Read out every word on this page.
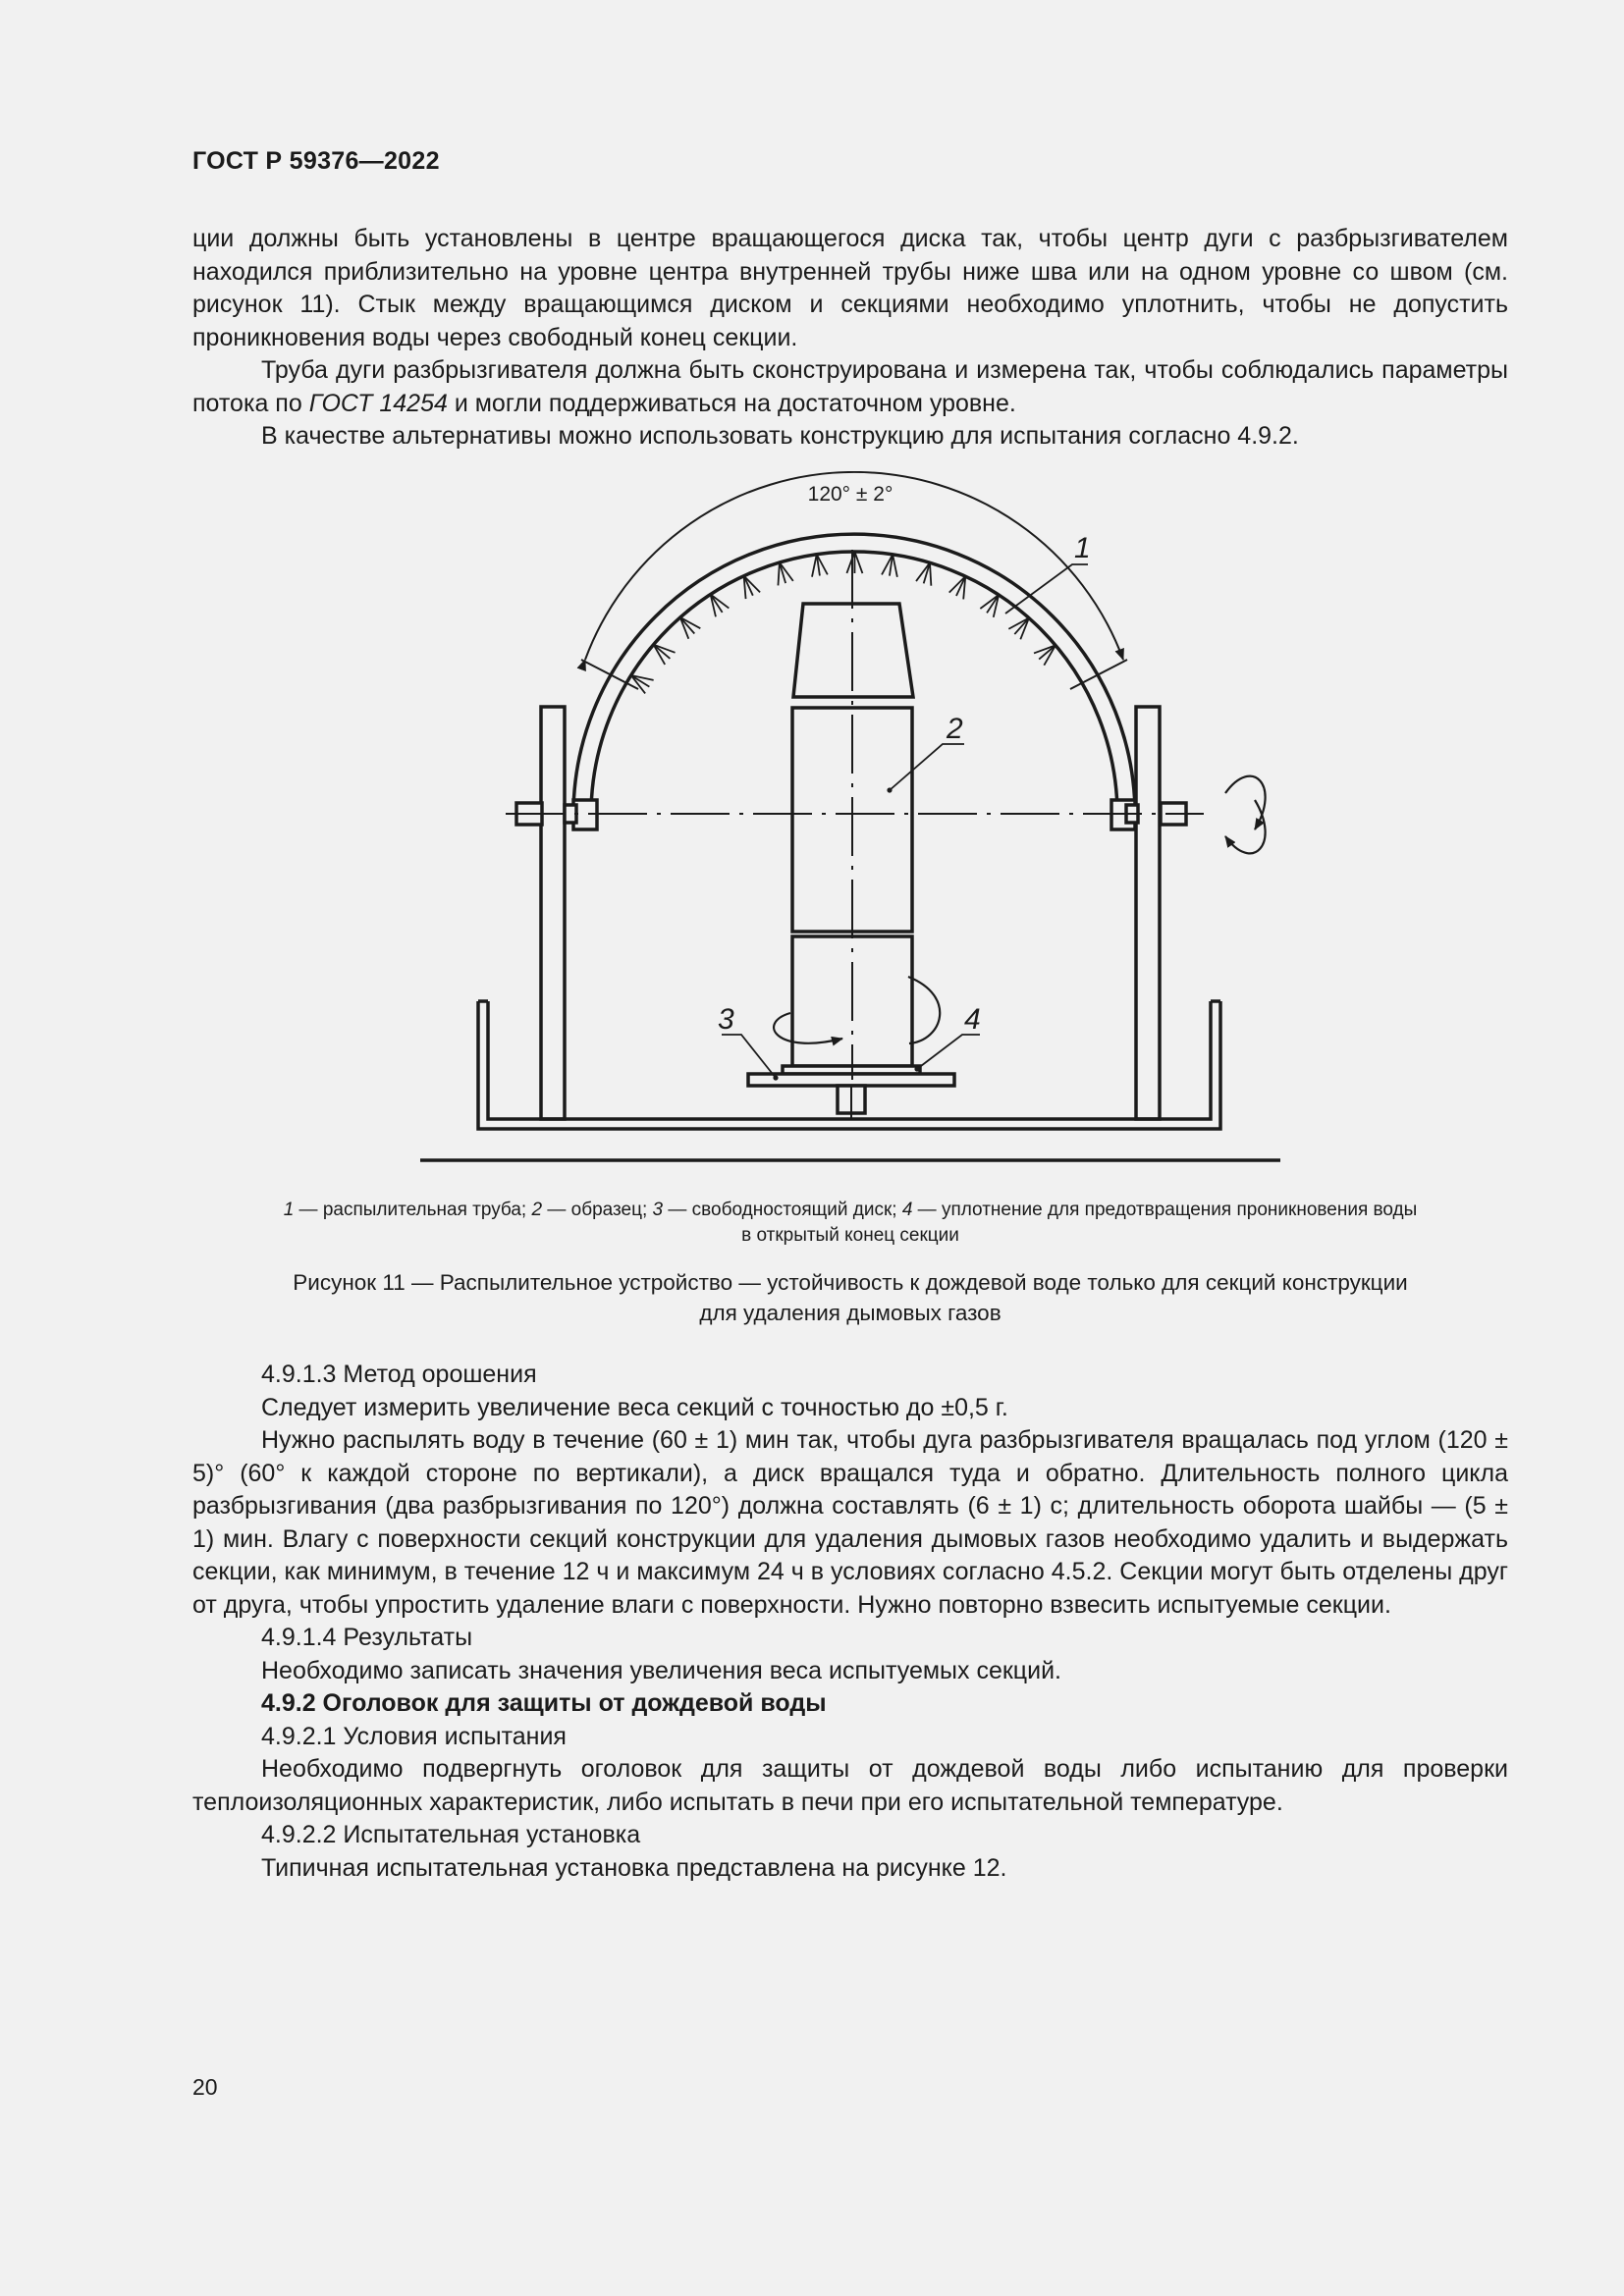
ГОСТ Р 59376—2022

ции должны быть установлены в центре вращающегося диска так, чтобы центр дуги с разбрызгивателем находился приблизительно на уровне центра внутренней трубы ниже шва или на одном уровне со швом (см. рисунок 11). Стык между вращающимся диском и секциями необходимо уплотнить, чтобы не допустить проникновения воды через свободный конец секции.

Труба дуги разбрызгивателя должна быть сконструирована и измерена так, чтобы соблюдались параметры потока по ГОСТ 14254 и могли поддерживаться на достаточном уровне.

В качестве альтернативы можно использовать конструкцию для испытания согласно 4.9.2.

120° ± 2°
1
2
3	4
1 — распылительная труба; 2 — образец; 3 — свободностоящий диск; 4 — уплотнение для предотвращения проникновения воды
в открытый конец секции
Рисунок 11 — Распылительное устройство — устойчивость к дождевой воде только для секций конструкции
для удаления дымовых газов

4.9.1.3 Метод орошения

Следует измерить увеличение веса секций с точностью до ±0,5 г.

Нужно распылять воду в течение (60 ± 1) мин так, чтобы дуга разбрызгивателя вращалась под углом (120 ± 5)° (60° к каждой стороне по вертикали), а диск вращался туда и обратно. Длительность полного цикла разбрызгивания (два разбрызгивания по 120°) должна составлять (6 ± 1) с; длительность оборота шайбы — (5 ± 1) мин. Влагу с поверхности секций конструкции для удаления дымовых газов необходимо удалить и выдержать секции, как минимум, в течение 12 ч и максимум 24 ч в условиях согласно 4.5.2. Секции могут быть отделены друг от друга, чтобы упростить удаление влаги с поверхности. Нужно повторно взвесить испытуемые секции.

4.9.1.4 Результаты

Необходимо записать значения увеличения веса испытуемых секций.

4.9.2 Оголовок для защиты от дождевой воды

4.9.2.1 Условия испытания

Необходимо подвергнуть оголовок для защиты от дождевой воды либо испытанию для проверки теплоизоляционных характеристик, либо испытать в печи при его испытательной температуре.

4.9.2.2 Испытательная установка

Типичная испытательная установка представлена на рисунке 12.

20
